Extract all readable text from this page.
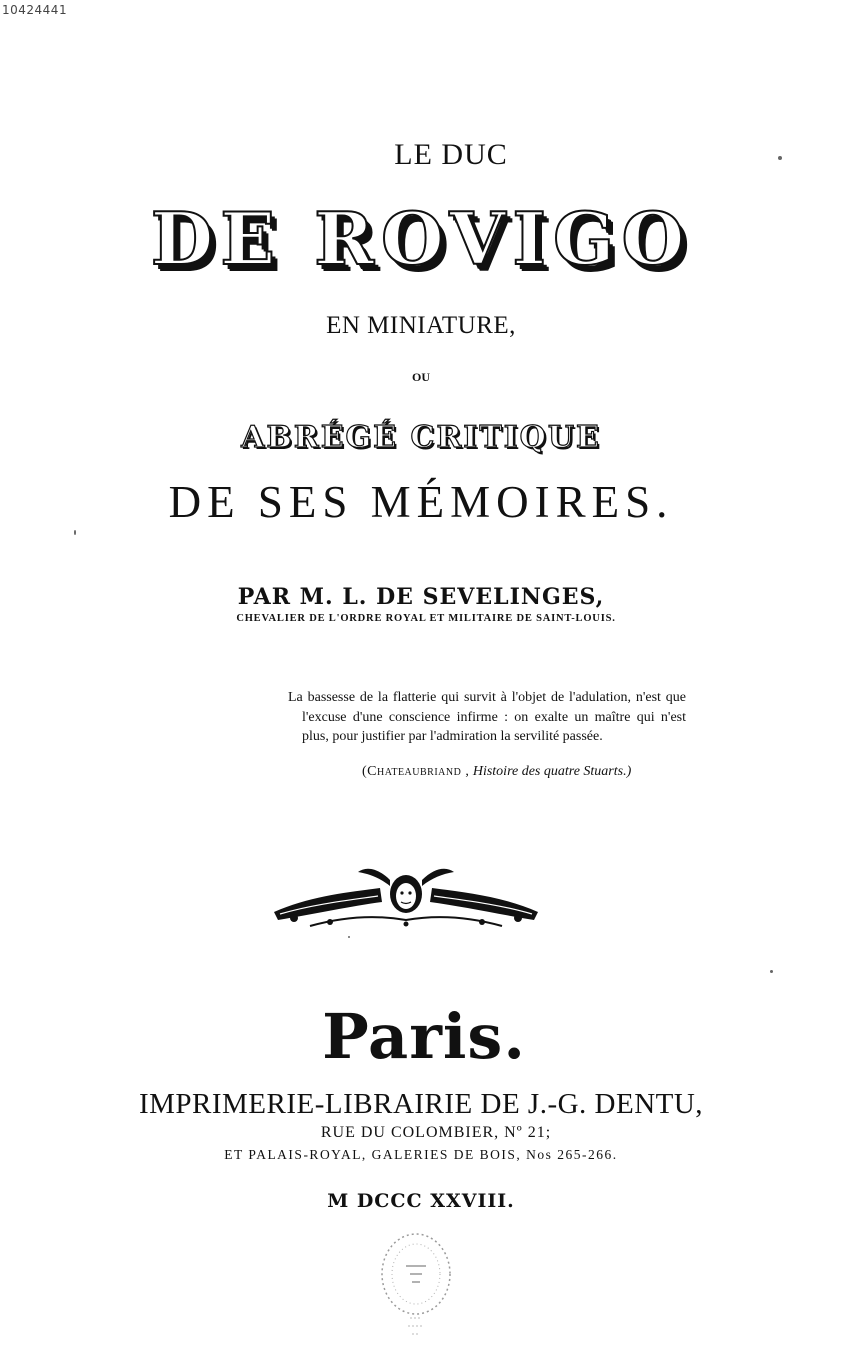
10424441
LE DUC
DE ROVIGO
EN MINIATURE,
OU
ABRÉGÉ CRITIQUE
DE SES MÉMOIRES.
PAR M. L. DE SEVELINGES,
CHEVALIER DE L'ORDRE ROYAL ET MILITAIRE DE SAINT-LOUIS.

La bassesse de la flatterie qui survit à l'objet de l'adulation, n'est que l'excuse d'une conscience infirme : on exalte un maître qui n'est plus, pour justifier par l'admiration la servilité passée.

(Chateaubriand , Histoire des quatre Stuarts.)
Paris.
IMPRIMERIE-LIBRAIRIE DE J.-G. DENTU,
RUE DU COLOMBIER, Nº 21;
ET PALAIS-ROYAL, GALERIES DE BOIS, Nos 265-266.
M DCCC XXVIII.
